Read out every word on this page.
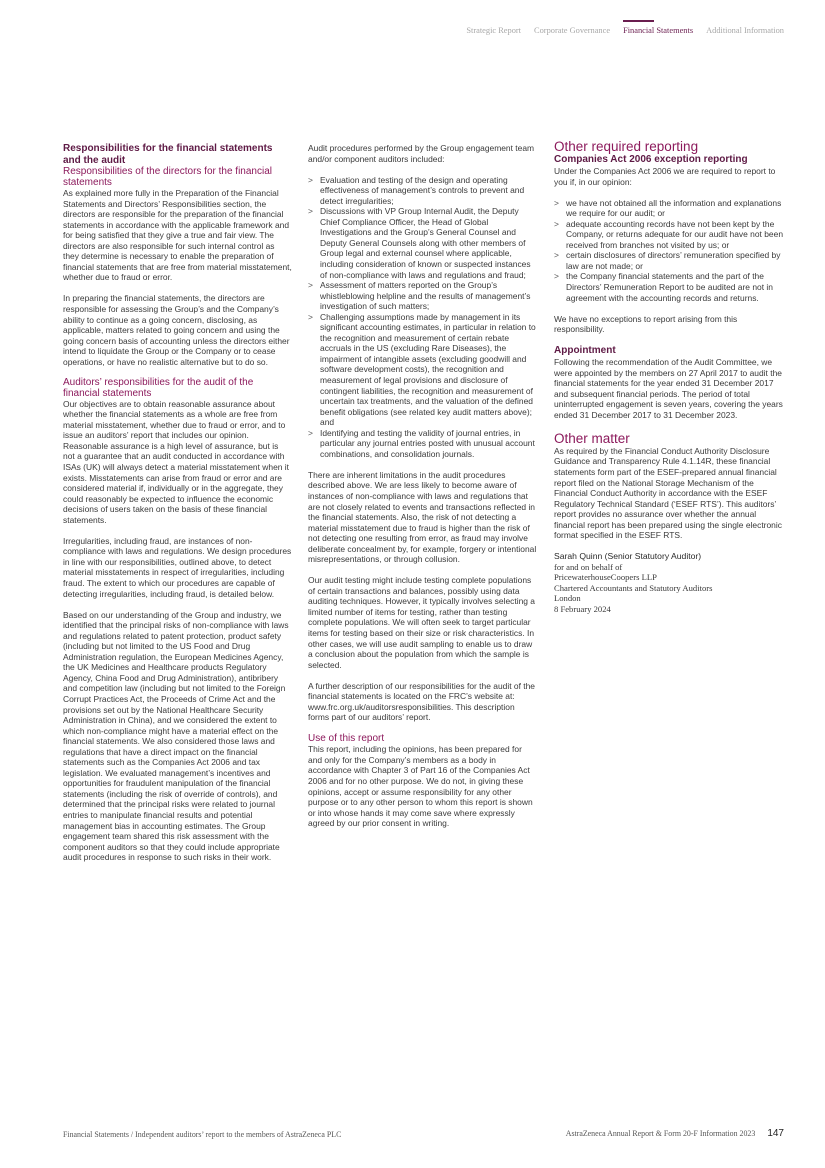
Strategic Report Corporate Governance Financial Statements Additional Information
Responsibilities for the financial statements and the audit
Responsibilities of the directors for the financial statements

As explained more fully in the Preparation of the Financial Statements and Directors’ Responsibilities section, the directors are responsible for the preparation of the financial statements in accordance with the applicable framework and for being satisfied that they give a true and fair view. The directors are also responsible for such internal control as they determine is necessary to enable the preparation of financial statements that are free from material misstatement, whether due to fraud or error.

In preparing the financial statements, the directors are responsible for assessing the Group’s and the Company’s ability to continue as a going concern, disclosing, as applicable, matters related to going concern and using the going concern basis of accounting unless the directors either intend to liquidate the Group or the Company or to cease operations, or have no realistic alternative but to do so.

Auditors’ responsibilities for the audit of the financial statements

Our objectives are to obtain reasonable assurance about whether the financial statements as a whole are free from material misstatement, whether due to fraud or error, and to issue an auditors’ report that includes our opinion. Reasonable assurance is a high level of assurance, but is not a guarantee that an audit conducted in accordance with ISAs (UK) will always detect a material misstatement when it exists. Misstatements can arise from fraud or error and are considered material if, individually or in the aggregate, they could reasonably be expected to influence the economic decisions of users taken on the basis of these financial statements.

Irregularities, including fraud, are instances of non-compliance with laws and regulations. We design procedures in line with our responsibilities, outlined above, to detect material misstatements in respect of irregularities, including fraud. The extent to which our procedures are capable of detecting irregularities, including fraud, is detailed below.

Based on our understanding of the Group and industry, we identified that the principal risks of non-compliance with laws and regulations related to patent protection, product safety (including but not limited to the US Food and Drug Administration regulation, the European Medicines Agency, the UK Medicines and Healthcare products Regulatory Agency, China Food and Drug Administration), antibribery and competition law (including but not limited to the Foreign Corrupt Practices Act, the Proceeds of Crime Act and the provisions set out by the National Healthcare Security Administration in China), and we considered the extent to which non-compliance might have a material effect on the financial statements. We also considered those laws and regulations that have a direct impact on the financial statements such as the Companies Act 2006 and tax legislation. We evaluated management’s incentives and opportunities for fraudulent manipulation of the financial statements (including the risk of override of controls), and determined that the principal risks were related to journal entries to manipulate financial results and potential management bias in accounting estimates. The Group engagement team shared this risk assessment with the component auditors so that they could include appropriate audit procedures in response to such risks in their work.

Audit procedures performed by the Group engagement team and/or component auditors included:

> Evaluation and testing of the design and operating effectiveness of management’s controls to prevent and detect irregularities;
> Discussions with VP Group Internal Audit, the Deputy Chief Compliance Officer, the Head of Global Investigations and the Group’s General Counsel and Deputy General Counsels along with other members of Group legal and external counsel where applicable, including consideration of known or suspected instances of non-compliance with laws and regulations and fraud;
> Assessment of matters reported on the Group’s whistleblowing helpline and the results of management’s investigation of such matters;
> Challenging assumptions made by management in its significant accounting estimates, in particular in relation to the recognition and measurement of certain rebate accruals in the US (excluding Rare Diseases), the impairment of intangible assets (excluding goodwill and software development costs), the recognition and measurement of legal provisions and disclosure of contingent liabilities, the recognition and measurement of uncertain tax treatments, and the valuation of the defined benefit obligations (see related key audit matters above); and
> Identifying and testing the validity of journal entries, in particular any journal entries posted with unusual account combinations, and consolidation journals.

There are inherent limitations in the audit procedures described above. We are less likely to become aware of instances of non-compliance with laws and regulations that are not closely related to events and transactions reflected in the financial statements. Also, the risk of not detecting a material misstatement due to fraud is higher than the risk of not detecting one resulting from error, as fraud may involve deliberate concealment by, for example, forgery or intentional misrepresentations, or through collusion.

Our audit testing might include testing complete populations of certain transactions and balances, possibly using data auditing techniques. However, it typically involves selecting a limited number of items for testing, rather than testing complete populations. We will often seek to target particular items for testing based on their size or risk characteristics. In other cases, we will use audit sampling to enable us to draw a conclusion about the population from which the sample is selected.

A further description of our responsibilities for the audit of the financial statements is located on the FRC’s website at: www.frc.org.uk/auditorsresponsibilities. This description forms part of our auditors’ report.

Use of this report

This report, including the opinions, has been prepared for and only for the Company’s members as a body in accordance with Chapter 3 of Part 16 of the Companies Act 2006 and for no other purpose. We do not, in giving these opinions, accept or assume responsibility for any other purpose or to any other person to whom this report is shown or into whose hands it may come save where expressly agreed by our prior consent in writing.

Other required reporting
Companies Act 2006 exception reporting

Under the Companies Act 2006 we are required to report to you if, in our opinion:

> we have not obtained all the information and explanations we require for our audit; or
> adequate accounting records have not been kept by the Company, or returns adequate for our audit have not been received from branches not visited by us; or
> certain disclosures of directors’ remuneration specified by law are not made; or
> the Company financial statements and the part of the Directors’ Remuneration Report to be audited are not in agreement with the accounting records and returns.

We have no exceptions to report arising from this responsibility.

Appointment

Following the recommendation of the Audit Committee, we were appointed by the members on 27 April 2017 to audit the financial statements for the year ended 31 December 2017 and subsequent financial periods. The period of total uninterrupted engagement is seven years, covering the years ended 31 December 2017 to 31 December 2023.

Other matter

As required by the Financial Conduct Authority Disclosure Guidance and Transparency Rule 4.1.14R, these financial statements form part of the ESEF-prepared annual financial report filed on the National Storage Mechanism of the Financial Conduct Authority in accordance with the ESEF Regulatory Technical Standard (‘ESEF RTS’). This auditors’ report provides no assurance over whether the annual financial report has been prepared using the single electronic format specified in the ESEF RTS.

Sarah Quinn (Senior Statutory Auditor)
for and on behalf of
PricewaterhouseCoopers LLP
Chartered Accountants and Statutory Auditors
London
8 February 2024
Financial Statements / Independent auditors’ report to the members of AstraZeneca PLC	AstraZeneca Annual Report & Form 20-F Information 2023 147
